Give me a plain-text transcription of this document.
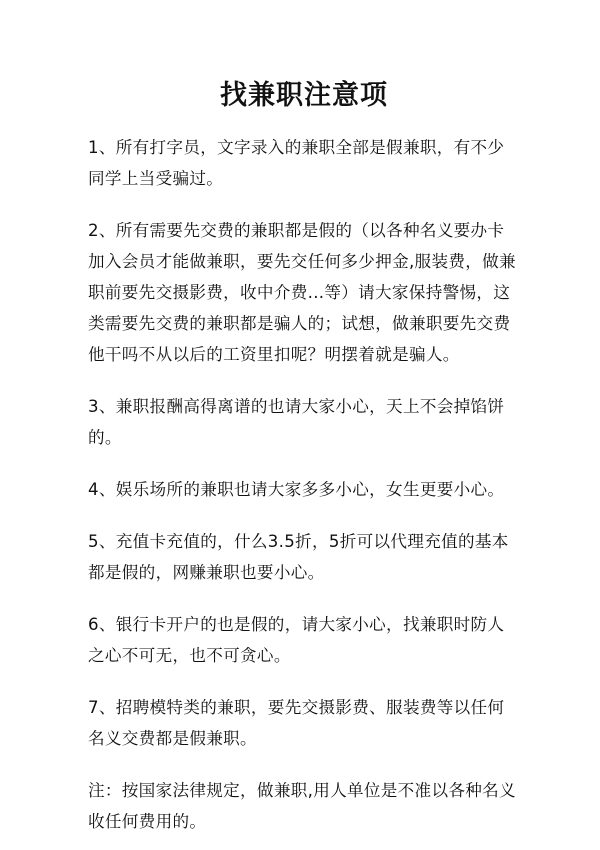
找兼职注意项

1、所有打字员，文字录入的兼职全部是假兼职，有不少同学上当受骗过。

2、所有需要先交费的兼职都是假的（以各种名义要办卡加入会员才能做兼职，要先交任何多少押金,服装费，做兼职前要先交摄影费，收中介费...等）请大家保持警惕，这类需要先交费的兼职都是骗人的；试想，做兼职要先交费他干吗不从以后的工资里扣呢？明摆着就是骗人。

3、兼职报酬高得离谱的也请大家小心，天上不会掉馅饼的。

4、娱乐场所的兼职也请大家多多小心，女生更要小心。

5、充值卡充值的，什么3.5折，5折可以代理充值的基本都是假的，网赚兼职也要小心。

6、银行卡开户的也是假的，请大家小心，找兼职时防人之心不可无，也不可贪心。

7、招聘模特类的兼职，要先交摄影费、服装费等以任何名义交费都是假兼职。

注：按国家法律规定，做兼职,用人单位是不准以各种名义收任何费用的。
